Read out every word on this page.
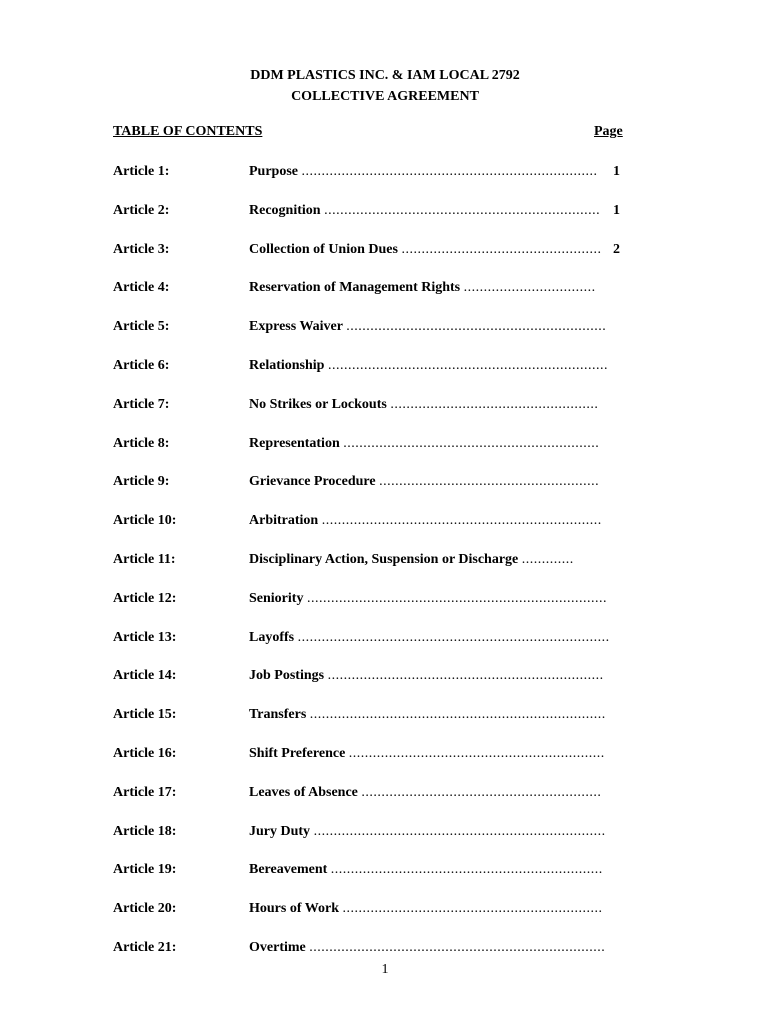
DDM PLASTICS INC. & IAM LOCAL 2792
COLLECTIVE AGREEMENT
TABLE OF CONTENTS	Page
Article 1:	Purpose .......................................................................... 1
Article 2:	Recognition ..................................................................... 1
Article 3:	Collection of Union Dues .................................................. 2
Article 4:	Reservation of Management Rights .................................
Article 5:	Express Waiver .................................................................
Article 6:	Relationship ......................................................................
Article 7:	No Strikes or Lockouts ....................................................
Article 8:	Representation ................................................................
Article 9:	Grievance Procedure .......................................................
Article 10:	Arbitration ......................................................................
Article 11:	Disciplinary Action, Suspension or Discharge .............
Article 12:	Seniority ...........................................................................
Article 13:	Layoffs ..............................................................................
Article 14:	Job Postings .....................................................................
Article 15:	Transfers ..........................................................................
Article 16:	Shift Preference ................................................................
Article 17:	Leaves of Absence ............................................................
Article 18:	Jury Duty .........................................................................
Article 19:	Bereavement ....................................................................
Article 20:	Hours of Work .................................................................
Article 21:	Overtime ..........................................................................
1
